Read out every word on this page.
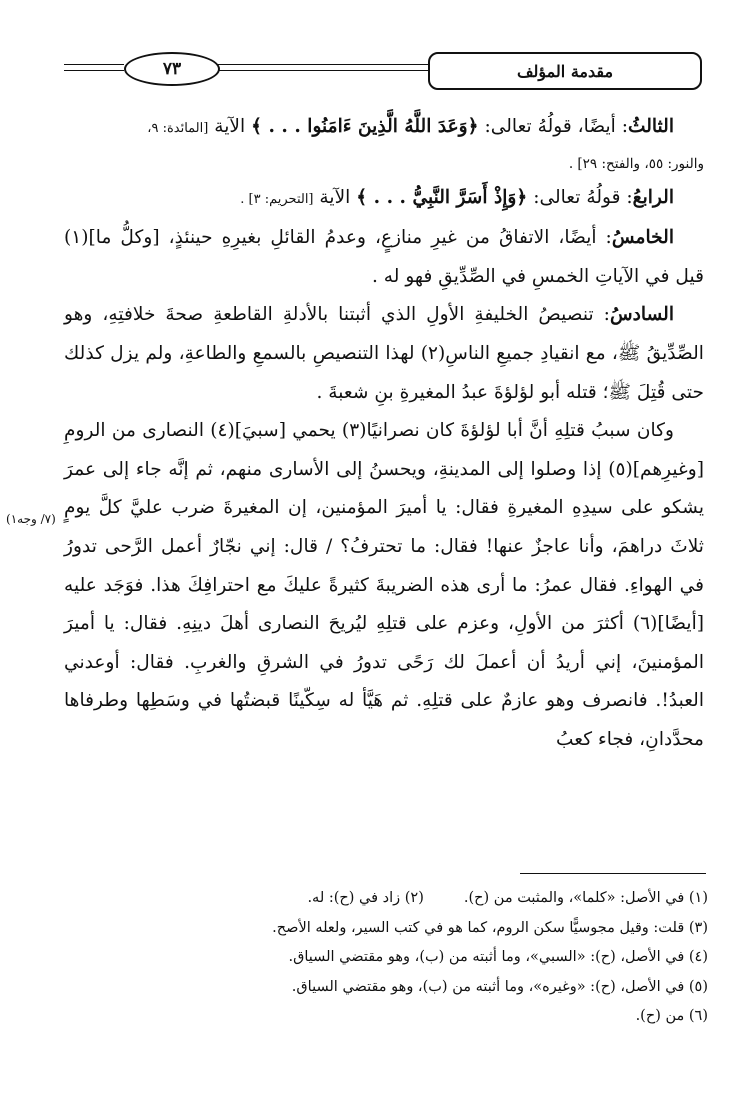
٧٣	مقدمة المؤلف
(٧/ وجه١)

الثالثُ: أيضًا، قولُهُ تعالى: ﴿وَعَدَ اللَّهُ الَّذِينَ ءَامَنُوا . . . ﴾ الآية [المائدة: ٩،

والنور: ٥٥، والفتح: ٢٩] .

الرابعُ: قولُهُ تعالى: ﴿وَإِذْ أَسَرَّ النَّبِيُّ . . . ﴾ الآية [التحريم: ٣] .

الخامسُ: أيضًا، الاتفاقُ من غيرِ منازعٍ، وعدمُ القائلِ بغيرِهِ حينئذٍ، [وكلُّ ما](١) قيل في الآياتِ الخمسِ في الصِّدِّيقِ فهو له .

السادسُ: تنصيصُ الخليفةِ الأولِ الذي أثبتنا بالأدلةِ القاطعةِ صحةَ خلافتِهِ، وهو الصِّدِّيقُ ﷺ، مع انقيادِ جميعِ الناسِ(٢) لهذا التنصيصِ بالسمعِ والطاعةِ، ولم يزل كذلك حتى قُتِلَ ﷺ؛ قتله أبو لؤلؤةَ عبدُ المغيرةِ بنِ شعبةَ .

وكان سببُ قتلِهِ أنَّ أبا لؤلؤةَ كان نصرانيًا(٣) يحمي [سبيَ](٤) النصارى من الرومِ [وغيرِهم](٥) إذا وصلوا إلى المدينةِ، ويحسنُ إلى الأسارى منهم، ثم إنَّه جاء إلى عمرَ يشكو على سيدِهِ المغيرةِ فقال: يا أميرَ المؤمنين، إن المغيرةَ ضرب عليَّ كلَّ يومٍ ثلاثَ دراهمَ، وأنا عاجزٌ عنها! فقال: ما تحترفُ؟ / قال: إني نجّارٌ أعمل الرَّحى تدورُ في الهواءِ. فقال عمرُ: ما أرى هذه الضريبةَ كثيرةً عليكَ مع احترافِكَ هذا. فوَجَد عليه [أيضًا](٦) أكثرَ من الأولِ، وعزم على قتلِهِ ليُريحَ النصارى أهلَ دينِهِ. فقال: يا أميرَ المؤمنينَ، إني أريدُ أن أعملَ لك رَحًى تدورُ في الشرقِ والغربِ. فقال: أوعدني العبدُ!. فانصرف وهو عازمٌ على قتلِهِ. ثم هَيَّأ له سِكّينًا قبضتُها في وسَطِها وطرفاها محدَّدانِ، فجاء كعبُ

(١) في الأصل: «كلما»، والمثبت من (ح).
(٢) زاد في (ح): له.
(٣) قلت: وقيل مجوسيًّا سكن الروم، كما هو في كتب السير، ولعله الأصح.
(٤) في الأصل، (ح): «السبي»، وما أثبته من (ب)، وهو مقتضي السياق.
(٥) في الأصل، (ح): «وغيره»، وما أثبته من (ب)، وهو مقتضي السياق.
(٦) من (ح).
